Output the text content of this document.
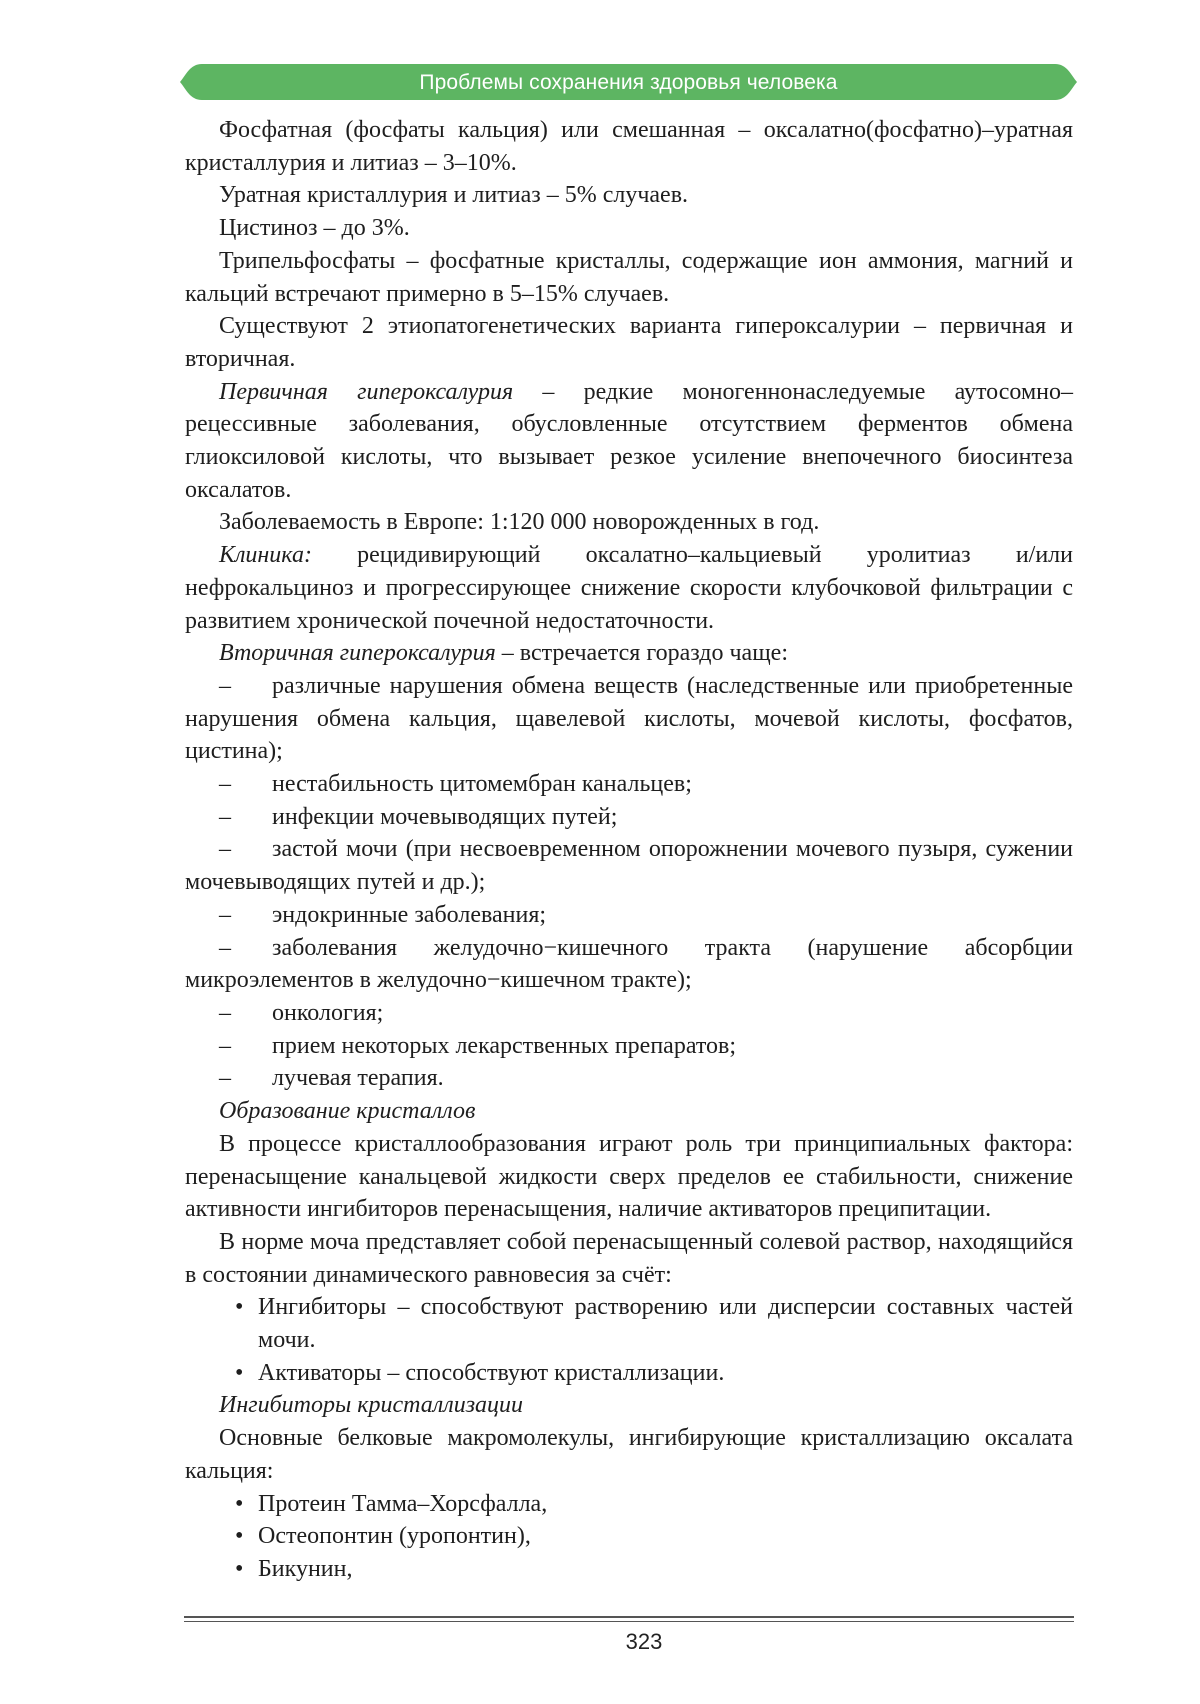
Проблемы сохранения здоровья человека

Фосфатная (фосфаты кальция) или смешанная – оксалатно(фосфатно)–уратная кристаллурия и литиаз – 3–10%.

Уратная кристаллурия и литиаз – 5% случаев.

Цистиноз – до 3%.

Трипельфосфаты – фосфатные кристаллы, содержащие ион аммония, магний и кальций встречают примерно в 5–15% случаев.

Существуют 2 этиопатогенетических варианта гипероксалурии – первичная и вторичная.

Первичная гипероксалурия – редкие моногенно­наследуемые аутосомно–рецессивные заболевания, обусловленные отсутствием ферментов обмена глиоксиловой кислоты, что вызывает резкое усиление внепочечного биосинтеза оксалатов.

Заболеваемость в Европе: 1:120 000 новорожденных в год.

Клиника: рецидивирующий оксалатно–кальциевый уролитиаз и/или нефрокальциноз и прогрессирующее снижение скорости клубочковой фильтрации с развитием хронической почечной недостаточности.

Вторичная гипероксалурия – встречается гораздо чаще:

– различные нарушения обмена веществ (наследственные или приобретенные нарушения обмена кальция, щавелевой кислоты, мочевой кислоты, фосфатов, цистина);

– нестабильность цитомембран канальцев;

– инфекции мочевыводящих путей;

– застой мочи (при несвоевременном опорожнении мочевого пузыря, сужении мочевыводящих путей и др.);

– эндокринные заболевания;

– заболевания желудочно−кишечного тракта (нарушение абсорбции микроэлементов в желудочно−кишечном тракте);

– онкология;

– прием некоторых лекарственных препаратов;

– лучевая терапия.

Образование кристаллов

В процессе кристаллообразования играют роль три принципиальных фактора: перенасыщение канальцевой жидкости сверх пределов ее стабильности, снижение активности ингибиторов перенасыщения, наличие активаторов преципитации.

В норме моча представляет собой перенасыщенный солевой раствор, находящийся в состоянии динамического равновесия за счёт:

• Ингибиторы – способствуют растворению или дисперсии составных частей мочи.

• Активаторы – способствуют кристаллизации.

Ингибиторы кристаллизации

Основные белковые макромолекулы, ингибирующие кристаллизацию оксалата кальция:

• Протеин Тамма–Хорсфалла,

• Остеопонтин (уропонтин),

• Бикунин,

323
